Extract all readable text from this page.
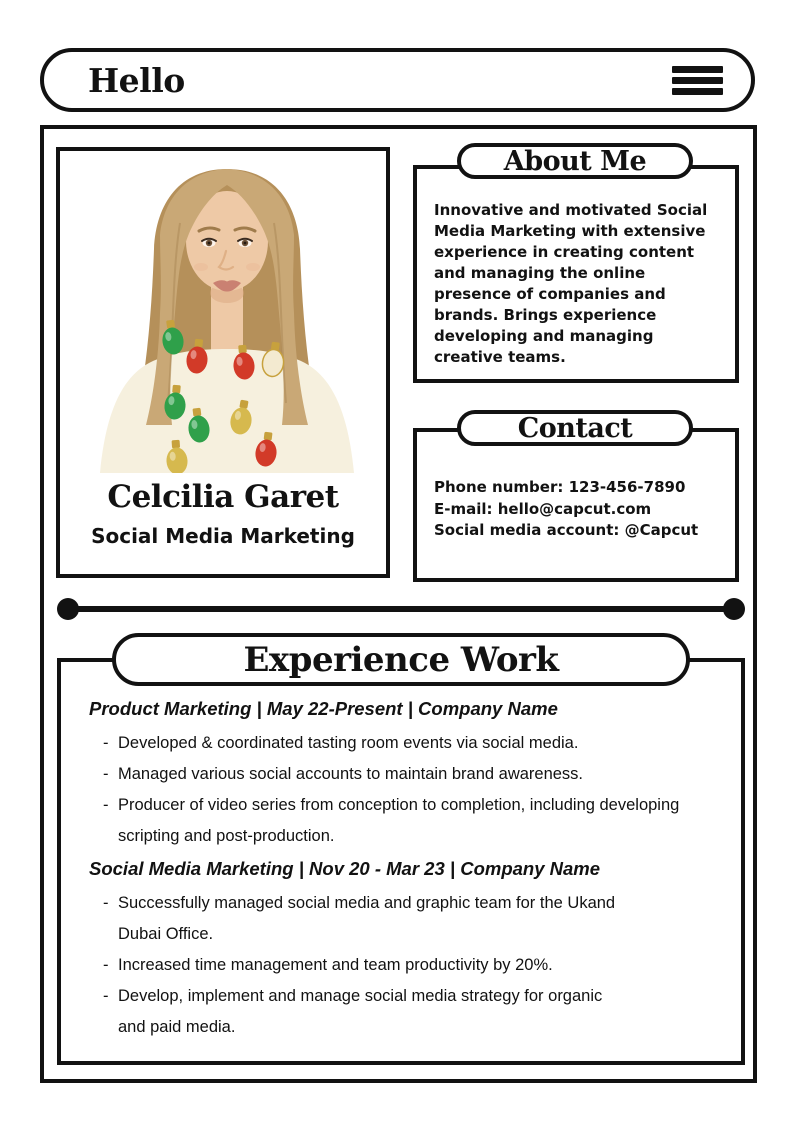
Hello
Celcilia Garet
Social Media Marketing
About Me

Innovative and motivated Social Media Marketing with extensive experience in creating content and managing the online presence of companies and brands. Brings experience developing and managing creative teams.

Contact
Phone number: 123-456-7890
E-mail: hello@capcut.com
Social media account: @Capcut
Experience Work
Product Marketing | May 22-Present | Company Name
- Developed & coordinated tasting room events via social media.
- Managed various social accounts to maintain brand awareness.
- Producer of video series from conception to completion, including developing scripting and post-production.
Social Media Marketing | Nov 20 - Mar 23 | Company Name
- Successfully managed social media and graphic team for the Ukand Dubai Office.
- Increased time management and team productivity by 20%.
- Develop, implement and manage social media strategy for organic and paid media.
